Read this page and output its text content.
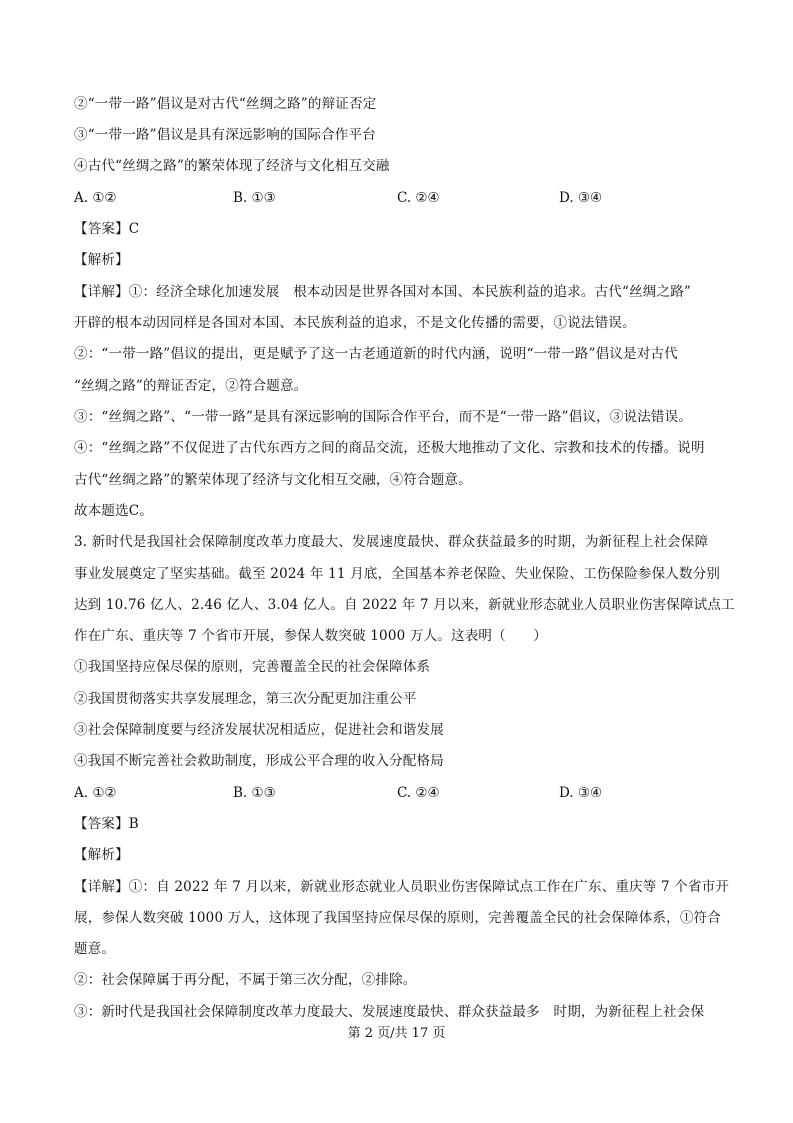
②“一带一路”倡议是对古代“丝绸之路”的辩证否定
③“一带一路”倡议是具有深远影响的国际合作平台
④古代“丝绸之路”的繁荣体现了经济与文化相互交融
A. ①②	B. ①③	C. ②④	D. ③④
【答案】C
【解析】
【详解】①：经济全球化加速发展　根本动因是世界各国对本国、本民族利益的追求。古代“丝绸之路”
开辟的根本动因同样是各国对本国、本民族利益的追求，不是文化传播的需要，①说法错误。
②：“一带一路”倡议的提出，更是赋予了这一古老通道新的时代内涵，说明“一带一路”倡议是对古代
“丝绸之路”的辩证否定，②符合题意。
③：“丝绸之路”、“一带一路”是具有深远影响的国际合作平台，而不是“一带一路”倡议，③说法错误。
④：“丝绸之路”不仅促进了古代东西方之间的商品交流，还极大地推动了文化、宗教和技术的传播。说明
古代“丝绸之路”的繁荣体现了经济与文化相互交融，④符合题意。
故本题选C。
3. 新时代是我国社会保障制度改革力度最大、发展速度最快、群众获益最多的时期，为新征程上社会保障
事业发展奠定了坚实基础。截至 2024 年 11 月底，全国基本养老保险、失业保险、工伤保险参保人数分别
达到 10.76 亿人、2.46 亿人、3.04 亿人。自 2022 年 7 月以来，新就业形态就业人员职业伤害保障试点工
作在广东、重庆等 7 个省市开展，参保人数突破 1000 万人。这表明（　　）
①我国坚持应保尽保的原则，完善覆盖全民的社会保障体系
②我国贯彻落实共享发展理念，第三次分配更加注重公平
③社会保障制度要与经济发展状况相适应，促进社会和谐发展
④我国不断完善社会救助制度，形成公平合理的收入分配格局
A. ①②	B. ①③	C. ②④	D. ③④
【答案】B
【解析】
【详解】①：自 2022 年 7 月以来，新就业形态就业人员职业伤害保障试点工作在广东、重庆等 7 个省市开
展，参保人数突破 1000 万人，这体现了我国坚持应保尽保的原则，完善覆盖全民的社会保障体系，①符合
题意。
②：社会保障属于再分配，不属于第三次分配，②排除。
③：新时代是我国社会保障制度改革力度最大、发展速度最快、群众获益最多　时期，为新征程上社会保
第 2 页/共 17 页
